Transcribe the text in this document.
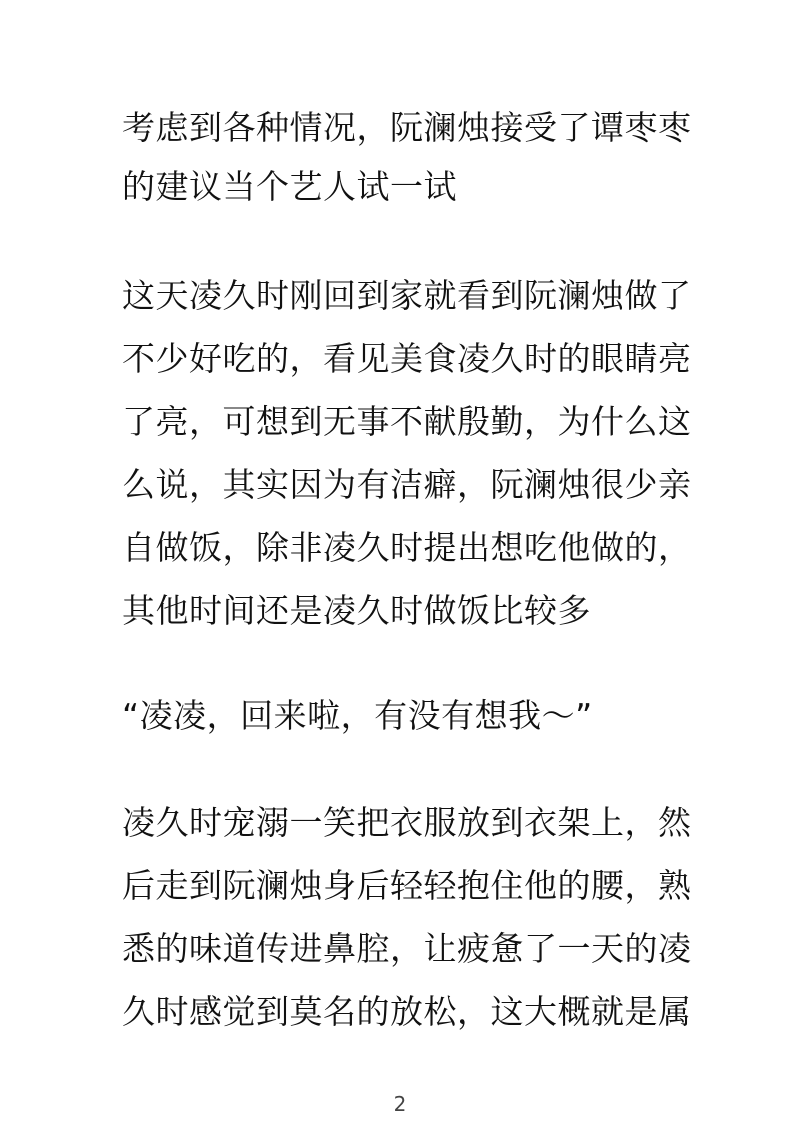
考虑到各种情况，阮澜烛接受了谭枣枣
的建议当个艺人试一试
这天凌久时刚回到家就看到阮澜烛做了
不少好吃的，看见美食凌久时的眼睛亮
了亮，可想到无事不献殷勤，为什么这
么说，其实因为有洁癖，阮澜烛很少亲
自做饭，除非凌久时提出想吃他做的，
其他时间还是凌久时做饭比较多
“凌凌，回来啦，有没有想我～”
凌久时宠溺一笑把衣服放到衣架上，然
后走到阮澜烛身后轻轻抱住他的腰，熟
悉的味道传进鼻腔，让疲惫了一天的凌
久时感觉到莫名的放松，这大概就是属
2
